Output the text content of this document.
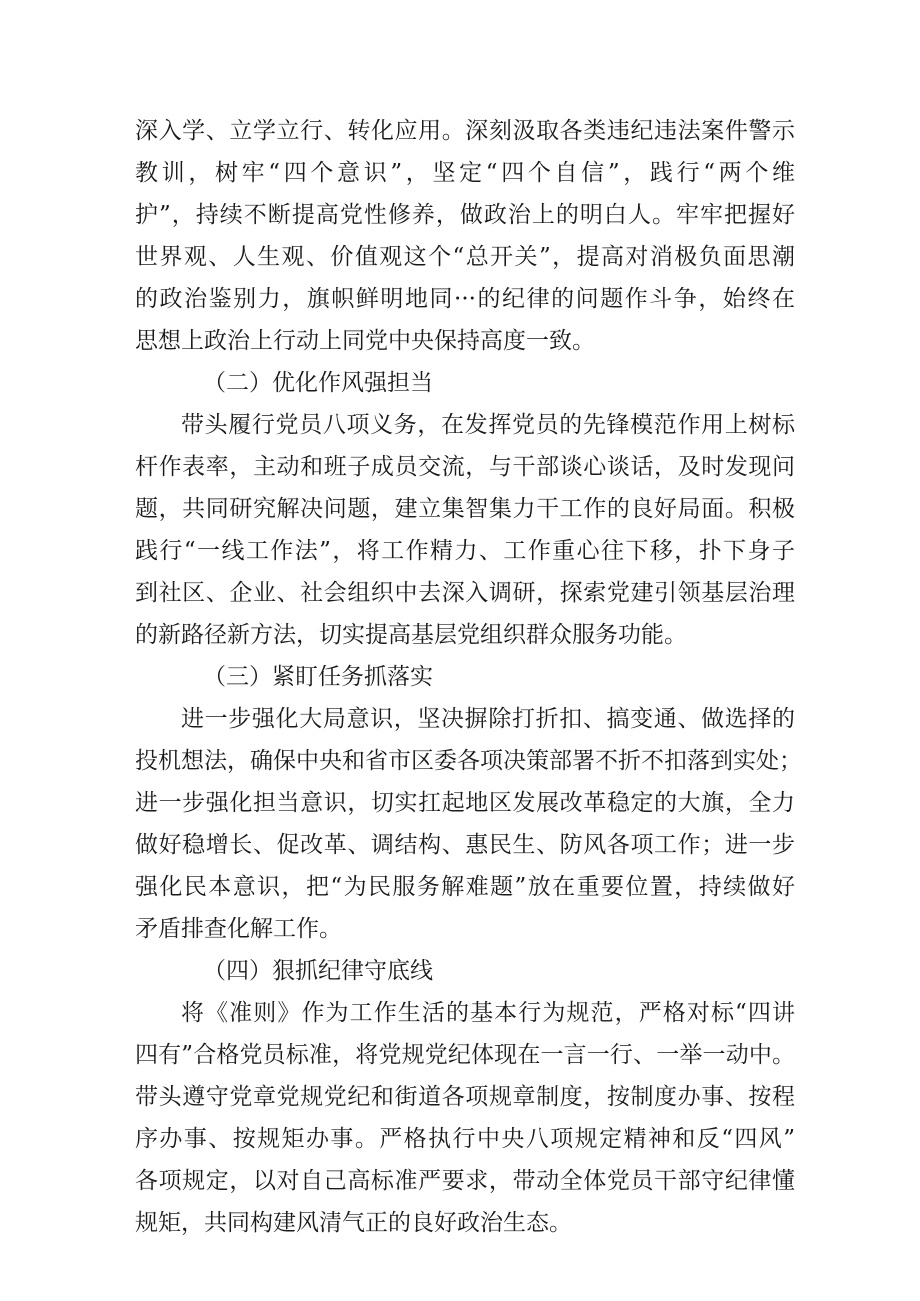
深入学、立学立行、转化应用。深刻汲取各类违纪违法案件警示
教训，树牢“四个意识”，坚定“四个自信”，践行“两个维
护”，持续不断提高党性修养，做政治上的明白人。牢牢把握好
世界观、人生观、价值观这个“总开关”，提高对消极负面思潮
的政治鉴别力，旗帜鲜明地同···的纪律的问题作斗争，始终在
思想上政治上行动上同党中央保持高度一致。
（二）优化作风强担当
带头履行党员八项义务，在发挥党员的先锋模范作用上树标
杆作表率，主动和班子成员交流，与干部谈心谈话，及时发现问
题，共同研究解决问题，建立集智集力干工作的良好局面。积极
践行“一线工作法”，将工作精力、工作重心往下移，扑下身子
到社区、企业、社会组织中去深入调研，探索党建引领基层治理
的新路径新方法，切实提高基层党组织群众服务功能。
（三）紧盯任务抓落实
进一步强化大局意识，坚决摒除打折扣、搞变通、做选择的
投机想法，确保中央和省市区委各项决策部署不折不扣落到实处；
进一步强化担当意识，切实扛起地区发展改革稳定的大旗，全力
做好稳增长、促改革、调结构、惠民生、防风各项工作；进一步
强化民本意识，把“为民服务解难题”放在重要位置，持续做好
矛盾排查化解工作。
（四）狠抓纪律守底线
将《准则》作为工作生活的基本行为规范，严格对标“四讲
四有”合格党员标准，将党规党纪体现在一言一行、一举一动中。
带头遵守党章党规党纪和街道各项规章制度，按制度办事、按程
序办事、按规矩办事。严格执行中央八项规定精神和反“四风”
各项规定，以对自己高标准严要求，带动全体党员干部守纪律懂
规矩，共同构建风清气正的良好政治生态。
